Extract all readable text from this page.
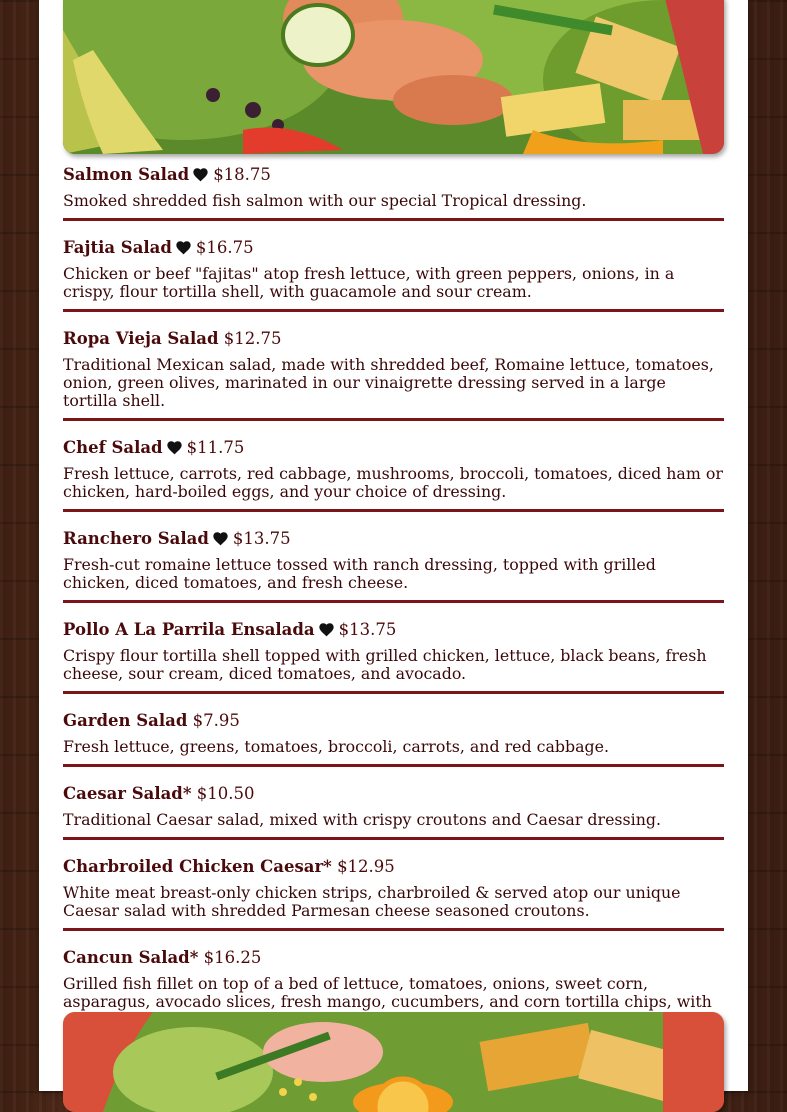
Salmon Salad $18.75
Smoked shredded fish salmon with our special Tropical dressing.
Fajtia Salad $16.75
Chicken or beef "fajitas" atop fresh lettuce, with green peppers, onions, in a crispy, flour tortilla shell, with guacamole and sour cream.
Ropa Vieja Salad $12.75
Traditional Mexican salad, made with shredded beef, Romaine lettuce, tomatoes, onion, green olives, marinated in our vinaigrette dressing served in a large tortilla shell.
Chef Salad $11.75
Fresh lettuce, carrots, red cabbage, mushrooms, broccoli, tomatoes, diced ham or chicken, hard-boiled eggs, and your choice of dressing.
Ranchero Salad $13.75
Fresh-cut romaine lettuce tossed with ranch dressing, topped with grilled chicken, diced tomatoes, and fresh cheese.
Pollo A La Parrila Ensalada $13.75
Crispy flour tortilla shell topped with grilled chicken, lettuce, black beans, fresh cheese, sour cream, diced tomatoes, and avocado.
Garden Salad $7.95
Fresh lettuce, greens, tomatoes, broccoli, carrots, and red cabbage.
Caesar Salad* $10.50
Traditional Caesar salad, mixed with crispy croutons and Caesar dressing.
Charbroiled Chicken Caesar* $12.95
White meat breast-only chicken strips, charbroiled & served atop our unique Caesar salad with shredded Parmesan cheese seasoned croutons.
Cancun Salad* $16.25
Grilled fish fillet on top of a bed of lettuce, tomatoes, onions, sweet corn, asparagus, avocado slices, fresh mango, cucumbers, and corn tortilla chips, with
